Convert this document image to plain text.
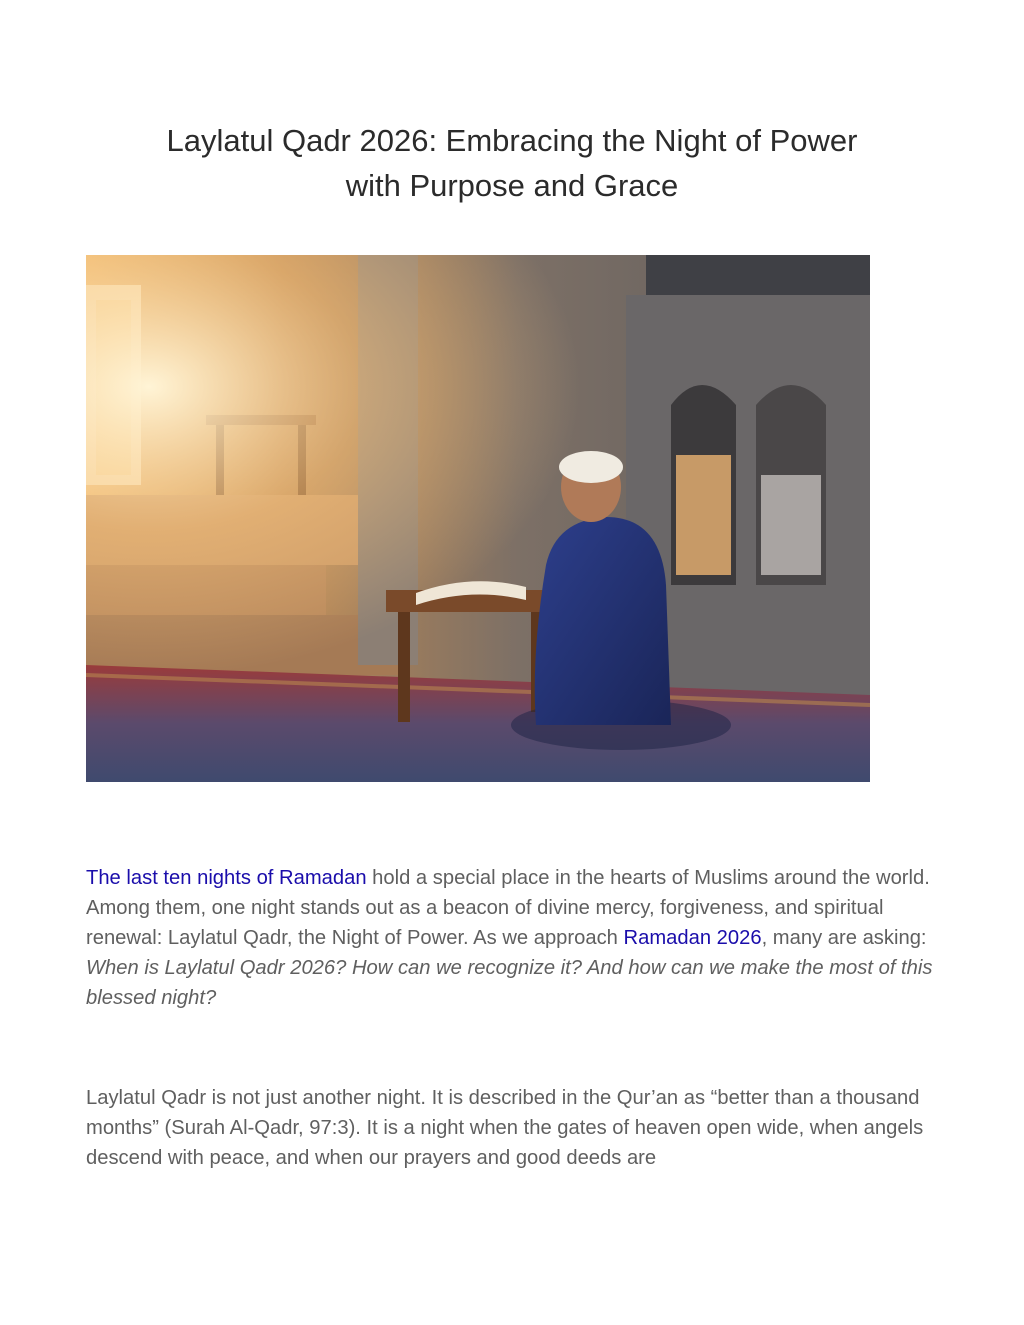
Laylatul Qadr 2026: Embracing the Night of Power
with Purpose and Grace

The last ten nights of Ramadan hold a special place in the hearts of Muslims around the world. Among them, one night stands out as a beacon of divine mercy, forgiveness, and spiritual renewal: Laylatul Qadr, the Night of Power. As we approach Ramadan 2026, many are asking: When is Laylatul Qadr 2026? How can we recognize it? And how can we make the most of this blessed night?

Laylatul Qadr is not just another night. It is described in the Qur’an as “better than a thousand months” (Surah Al-Qadr, 97:3). It is a night when the gates of heaven open wide, when angels descend with peace, and when our prayers and good deeds are
